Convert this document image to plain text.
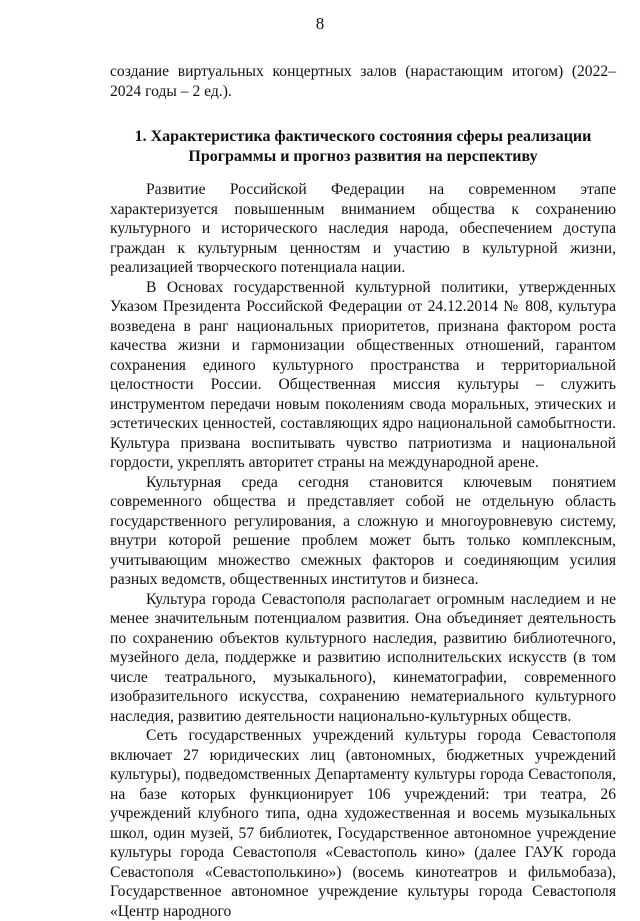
8
создание виртуальных концертных залов (нарастающим итогом) (2022–2024 годы – 2 ед.).
1. Характеристика фактического состояния сферы реализации Программы и прогноз развития на перспективу

Развитие Российской Федерации на современном этапе характеризуется повышенным вниманием общества к сохранению культурного и исторического наследия народа, обеспечением доступа граждан к культурным ценностям и участию в культурной жизни, реализацией творческого потенциала нации.

В Основах государственной культурной политики, утвержденных Указом Президента Российской Федерации от 24.12.2014 № 808, культура возведена в ранг национальных приоритетов, признана фактором роста качества жизни и гармонизации общественных отношений, гарантом сохранения единого культурного пространства и территориальной целостности России. Общественная миссия культуры – служить инструментом передачи новым поколениям свода моральных, этических и эстетических ценностей, составляющих ядро национальной самобытности. Культура призвана воспитывать чувство патриотизма и национальной гордости, укреплять авторитет страны на международной арене.

Культурная среда сегодня становится ключевым понятием современного общества и представляет собой не отдельную область государственного регулирования, а сложную и многоуровневую систему, внутри которой решение проблем может быть только комплексным, учитывающим множество смежных факторов и соединяющим усилия разных ведомств, общественных институтов и бизнеса.

Культура города Севастополя располагает огромным наследием и не менее значительным потенциалом развития. Она объединяет деятельность по сохранению объектов культурного наследия, развитию библиотечного, музейного дела, поддержке и развитию исполнительских искусств (в том числе театрального, музыкального), кинематографии, современного изобразительного искусства, сохранению нематериального культурного наследия, развитию деятельности национально-культурных обществ.

Сеть государственных учреждений культуры города Севастополя включает 27 юридических лиц (автономных, бюджетных учреждений культуры), подведомственных Департаменту культуры города Севастополя, на базе которых функционирует 106 учреждений: три театра, 26 учреждений клубного типа, одна художественная и восемь музыкальных школ, один музей, 57 библиотек, Государственное автономное учреждение культуры города Севастополя «Севастополь кино» (далее ГАУК города Севастополя «Севастополькино») (восемь кинотеатров и фильмобаза), Государственное автономное учреждение культуры города Севастополя «Центр народного
